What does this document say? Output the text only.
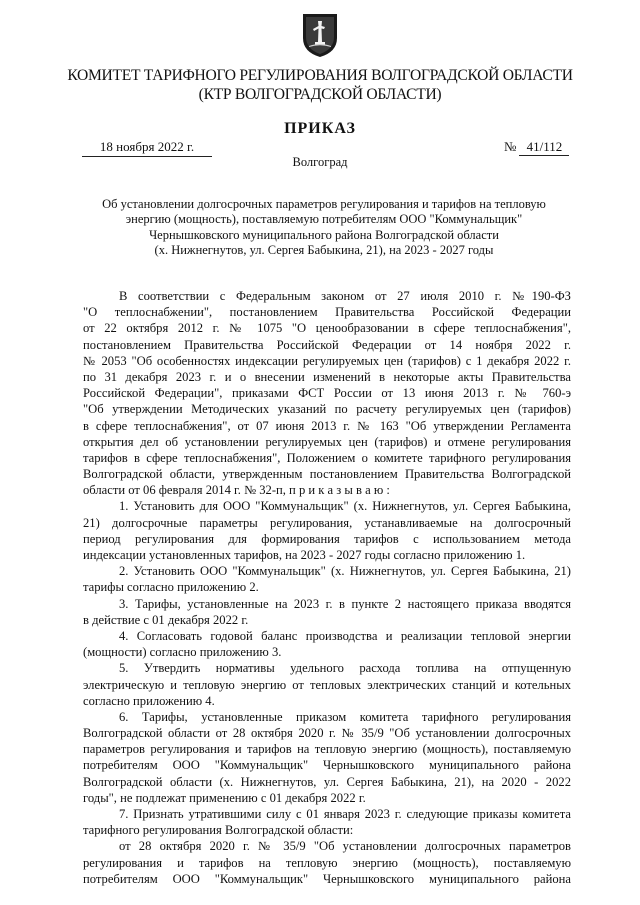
КОМИТЕТ ТАРИФНОГО РЕГУЛИРОВАНИЯ ВОЛГОГРАДСКОЙ ОБЛАСТИ
(КТР ВОЛГОГРАДСКОЙ ОБЛАСТИ)
ПРИКАЗ
18 ноября 2022 г.	№ 41/112
Волгоград
Об установлении долгосрочных параметров регулирования и тарифов на тепловую
энергию (мощность), поставляемую потребителям ООО "Коммунальщик"
Чернышковского муниципального района Волгоградской области
(х. Нижнегнутов, ул. Сергея Бабыкина, 21), на 2023 - 2027 годы
В соответствии с Федеральным законом от 27 июля 2010 г. №190-ФЗ
"О теплоснабжении", постановлением Правительства Российской Федерации
от 22 октября 2012 г. № 1075 "О ценообразовании в сфере теплоснабжения",
постановлением Правительства Российской Федерации от 14 ноября 2022 г.
№ 2053 "Об особенностях индексации регулируемых цен (тарифов) с 1 декабря 2022 г.
по 31 декабря 2023 г. и о внесении изменений в некоторые акты Правительства
Российской Федерации", приказами ФСТ России от 13 июня 2013 г. № 760-э
"Об утверждении Методических указаний по расчету регулируемых цен (тарифов)
в сфере теплоснабжения", от 07 июня 2013 г. № 163 "Об утверждении Регламента
открытия дел об установлении регулируемых цен (тарифов) и отмене регулирования
тарифов в сфере теплоснабжения", Положением о комитете тарифного регулирования
Волгоградской области, утвержденным постановлением Правительства Волгоградской
области от 06 февраля 2014 г. № 32-п, п р и к а з ы в а ю :
1. Установить для ООО "Коммунальщик" (х. Нижнегнутов, ул. Сергея Бабыкина,
21) долгосрочные параметры регулирования, устанавливаемые на долгосрочный
период регулирования для формирования тарифов с использованием метода
индексации установленных тарифов, на 2023 - 2027 годы согласно приложению 1.
2. Установить ООО "Коммунальщик" (х. Нижнегнутов, ул. Сергея Бабыкина, 21)
тарифы согласно приложению 2.
3. Тарифы, установленные на 2023 г. в пункте 2 настоящего приказа вводятся
в действие с 01 декабря 2022 г.
4. Согласовать годовой баланс производства и реализации тепловой энергии
(мощности) согласно приложению 3.
5. Утвердить нормативы удельного расхода топлива на отпущенную
электрическую и тепловую энергию от тепловых электрических станций и котельных
согласно приложению 4.
6. Тарифы, установленные приказом комитета тарифного регулирования
Волгоградской области от 28 октября 2020 г. № 35/9 "Об установлении долгосрочных
параметров регулирования и тарифов на тепловую энергию (мощность), поставляемую
потребителям ООО "Коммунальщик" Чернышковского муниципального района
Волгоградской области (х. Нижнегнутов, ул. Сергея Бабыкина, 21), на 2020 - 2022
годы", не подлежат применению с 01 декабря 2022 г.
7. Признать утратившими силу с 01 января 2023 г. следующие приказы комитета
тарифного регулирования Волгоградской области:
от 28 октября 2020 г. № 35/9 "Об установлении долгосрочных параметров
регулирования и тарифов на тепловую энергию (мощность), поставляемую
потребителям ООО "Коммунальщик" Чернышковского муниципального района
